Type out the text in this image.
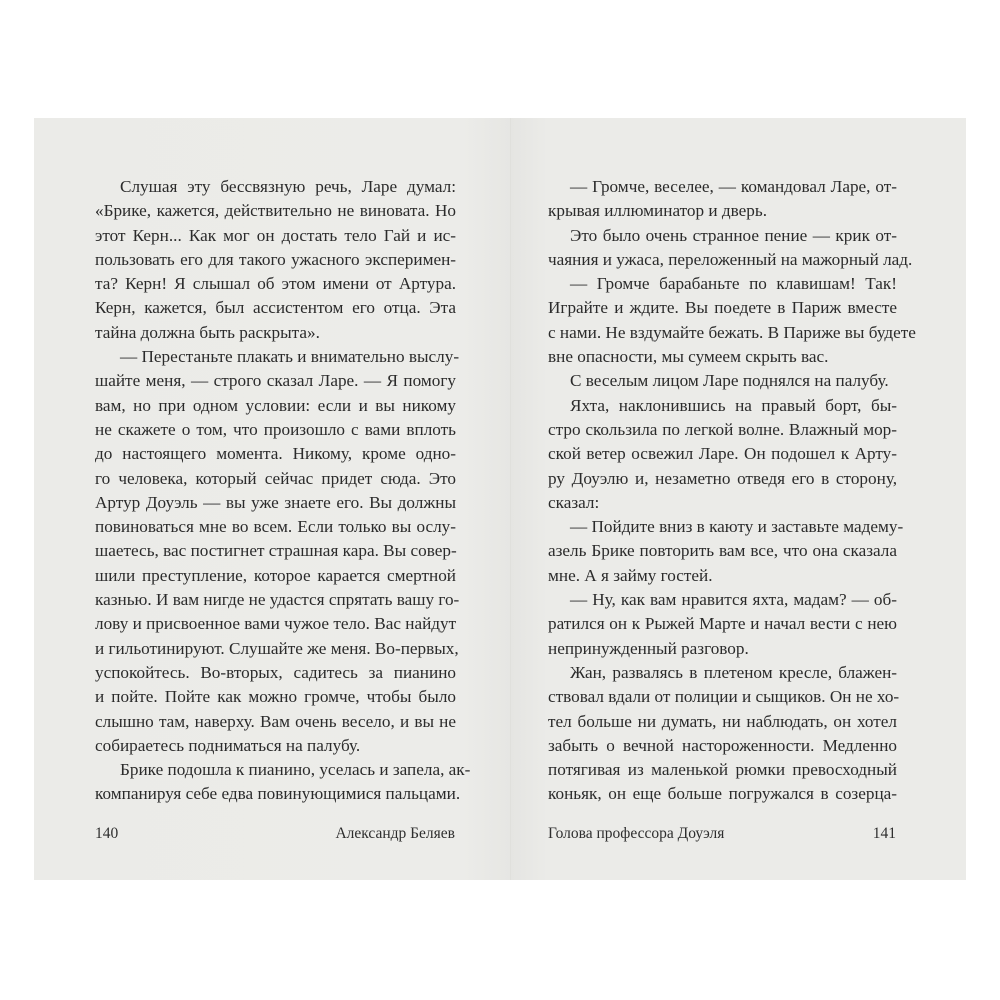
Слушая эту бессвязную речь, Ларе думал:
«Брике, кажется, действительно не виновата. Но
этот Керн... Как мог он достать тело Гай и ис-
пользовать его для такого ужасного эксперимен-
та? Керн! Я слышал об этом имени от Артура.
Керн, кажется, был ассистентом его отца. Эта
тайна должна быть раскрыта».
— Перестаньте плакать и внимательно выслу-
шайте меня, — строго сказал Ларе. — Я помогу
вам, но при одном условии: если и вы никому
не скажете о том, что произошло с вами вплоть
до настоящего момента. Никому, кроме одно-
го человека, который сейчас придет сюда. Это
Артур Доуэль — вы уже знаете его. Вы должны
повиноваться мне во всем. Если только вы ослу-
шаетесь, вас постигнет страшная кара. Вы совер-
шили преступление, которое карается смертной
казнью. И вам нигде не удастся спрятать вашу го-
лову и присвоенное вами чужое тело. Вас найдут
и гильотинируют. Слушайте же меня. Во-первых,
успокойтесь. Во-вторых, садитесь за пианино
и пойте. Пойте как можно громче, чтобы было
слышно там, наверху. Вам очень весело, и вы не
собираетесь подниматься на палубу.
Брике подошла к пианино, уселась и запела, ак-
компанируя себе едва повинующимися пальцами.
140	Александр Беляев
— Громче, веселее, — командовал Ларе, от-
крывая иллюминатор и дверь.
Это было очень странное пение — крик от-
чаяния и ужаса, переложенный на мажорный лад.
— Громче барабаньте по клавишам! Так!
Играйте и ждите. Вы поедете в Париж вместе
с нами. Не вздумайте бежать. В Париже вы будете
вне опасности, мы сумеем скрыть вас.
С веселым лицом Ларе поднялся на палубу.
Яхта, наклонившись на правый борт, бы-
стро скользила по легкой волне. Влажный мор-
ской ветер освежил Ларе. Он подошел к Арту-
ру Доуэлю и, незаметно отведя его в сторону,
сказал:
— Пойдите вниз в каюту и заставьте мадему-
азель Брике повторить вам все, что она сказала
мне. А я займу гостей.
— Ну, как вам нравится яхта, мадам? — об-
ратился он к Рыжей Марте и начал вести с нею
непринужденный разговор.
Жан, развалясь в плетеном кресле, блажен-
ствовал вдали от полиции и сыщиков. Он не хо-
тел больше ни думать, ни наблюдать, он хотел
забыть о вечной настороженности. Медленно
потягивая из маленькой рюмки превосходный
коньяк, он еще больше погружался в созерца-
Голова профессора Доуэля	141
